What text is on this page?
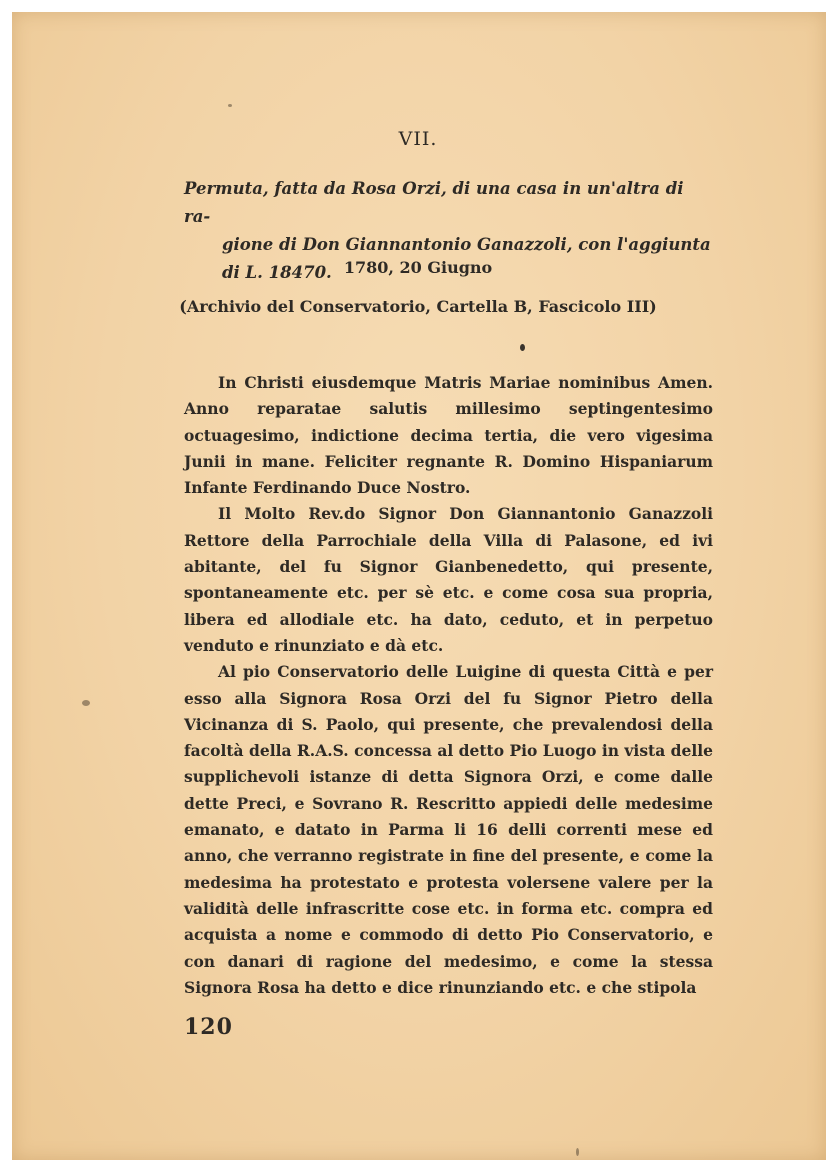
VII.
Permuta, fatta da Rosa Orzi, di una casa in un'altra di ra-
gione di Don Giannantonio Ganazzoli, con l'aggiunta
di L. 18470. 1780, 20 Giugno
(Archivio del Conservatorio, Cartella B, Fascicolo III)

In Christi eiusdemque Matris Mariae nominibus Amen. Anno reparatae salutis millesimo septingentesimo octuagesimo, indictione decima tertia, die vero vigesima Junii in mane. Feliciter regnante R. Domino Hispaniarum Infante Ferdinando Duce Nostro.

Il Molto Rev.do Signor Don Giannantonio Ganazzoli Rettore della Parrochiale della Villa di Palasone, ed ivi abitante, del fu Signor Gianbenedetto, qui presente, spontaneamente etc. per sè etc. e come cosa sua propria, libera ed allodiale etc. ha dato, ceduto, et in perpetuo venduto e rinunziato e dà etc.

Al pio Conservatorio delle Luigine di questa Città e per esso alla Signora Rosa Orzi del fu Signor Pietro della Vicinanza di S. Paolo, qui presente, che prevalendosi della facoltà della R.A.S. concessa al detto Pio Luogo in vista delle supplichevoli istanze di detta Signora Orzi, e come dalle dette Preci, e Sovrano R. Rescritto appiedi delle medesime emanato, e datato in Parma li 16 delli correnti mese ed anno, che verranno registrate in fine del presente, e come la medesima ha protestato e protesta volersene valere per la validità delle infrascritte cose etc. in forma etc. compra ed acquista a nome e commodo di detto Pio Conservatorio, e con danari di ragione del medesimo, e come la stessa Signora Rosa ha detto e dice rinunziando etc. e che stipola

120
